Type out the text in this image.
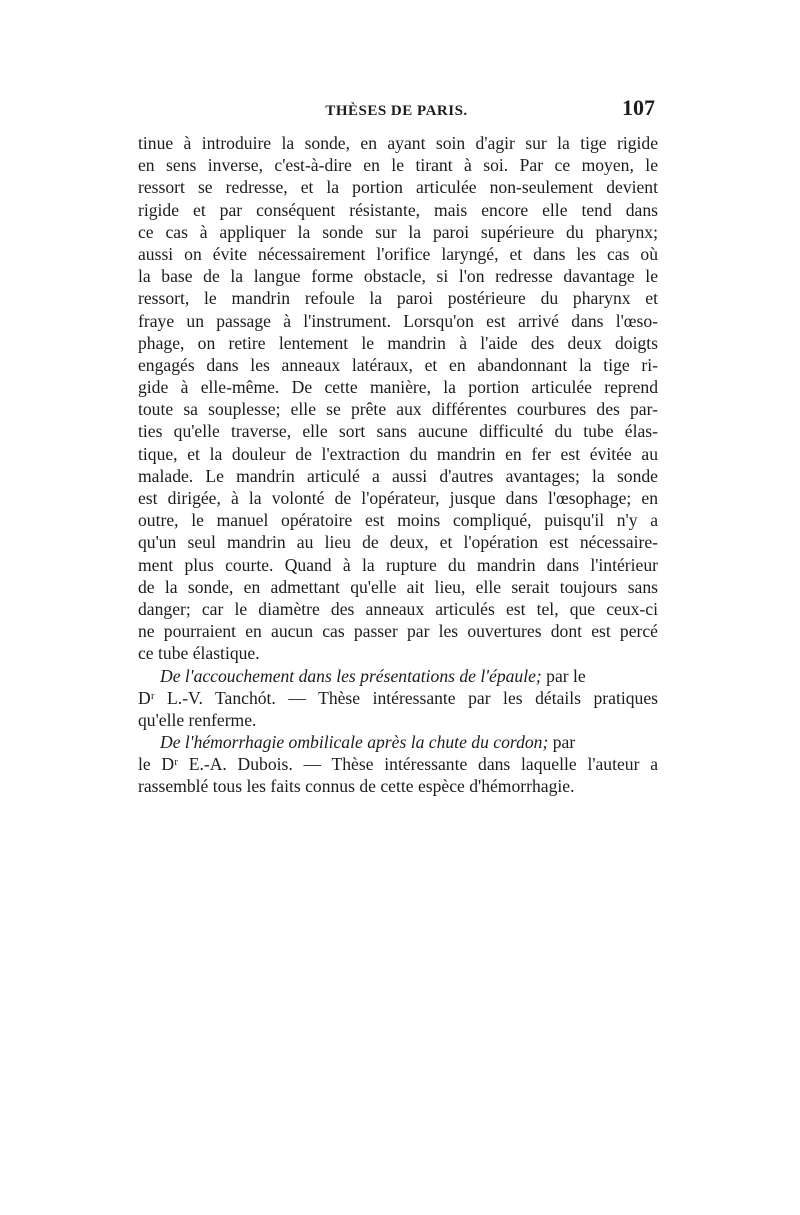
THÈSES DE PARIS.	107
tinue à introduire la sonde, en ayant soin d'agir sur la tige rigide
en sens inverse, c'est-à-dire en le tirant à soi. Par ce moyen, le
ressort se redresse, et la portion articulée non-seulement devient
rigide et par conséquent résistante, mais encore elle tend dans
ce cas à appliquer la sonde sur la paroi supérieure du pharynx;
aussi on évite nécessairement l'orifice laryngé, et dans les cas où
la base de la langue forme obstacle, si l'on redresse davantage le
ressort, le mandrin refoule la paroi postérieure du pharynx et
fraye un passage à l'instrument. Lorsqu'on est arrivé dans l'œso-
phage, on retire lentement le mandrin à l'aide des deux doigts
engagés dans les anneaux latéraux, et en abandonnant la tige ri-
gide à elle-même. De cette manière, la portion articulée reprend
toute sa souplesse; elle se prête aux différentes courbures des par-
ties qu'elle traverse, elle sort sans aucune difficulté du tube élas-
tique, et la douleur de l'extraction du mandrin en fer est évitée au
malade. Le mandrin articulé a aussi d'autres avantages; la sonde
est dirigée, à la volonté de l'opérateur, jusque dans l'œsophage; en
outre, le manuel opératoire est moins compliqué, puisqu'il n'y a
qu'un seul mandrin au lieu de deux, et l'opération est nécessaire-
ment plus courte. Quand à la rupture du mandrin dans l'intérieur
de la sonde, en admettant qu'elle ait lieu, elle serait toujours sans
danger; car le diamètre des anneaux articulés est tel, que ceux-ci
ne pourraient en aucun cas passer par les ouvertures dont est percé
ce tube élastique.
De l'accouchement dans les présentations de l'épaule; par le
Dʳ L.-V. Tanchót. — Thèse intéressante par les détails pratiques
qu'elle renferme.
De l'hémorrhagie ombilicale après la chute du cordon; par
le Dʳ E.-A. Dubois. — Thèse intéressante dans laquelle l'auteur a
rassemblé tous les faits connus de cette espèce d'hémorrhagie.
